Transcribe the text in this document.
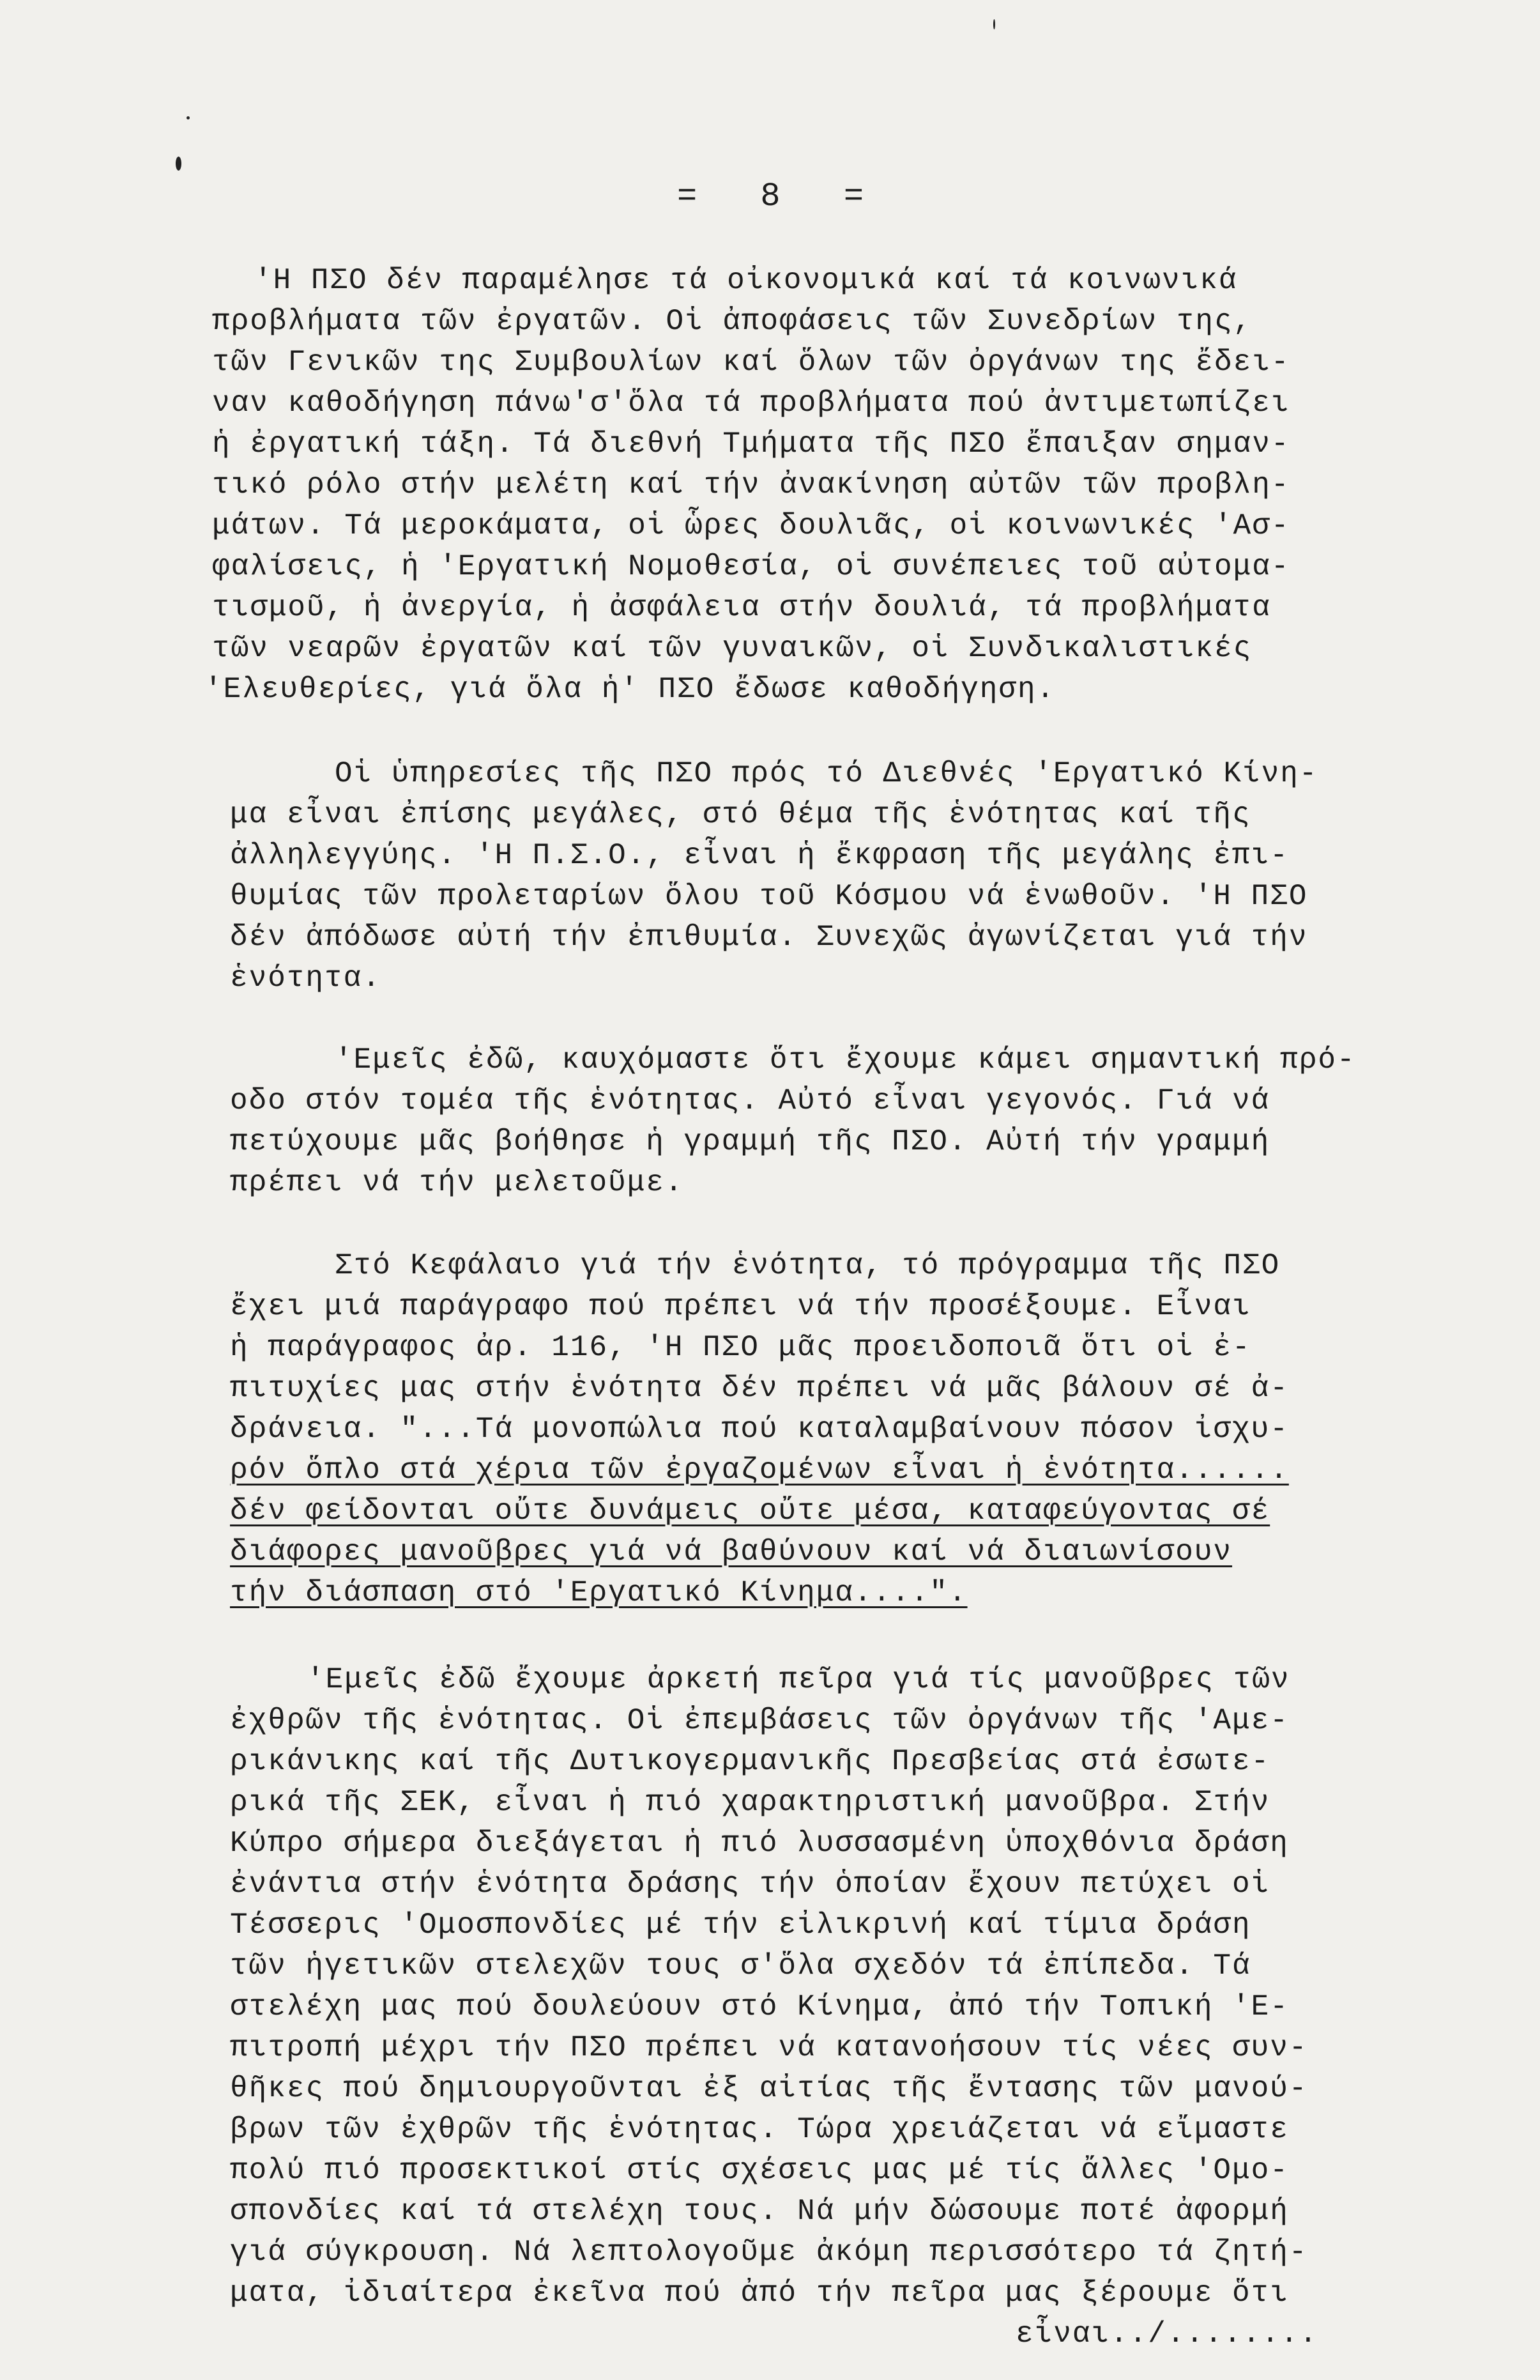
= 8 =
'Η ΠΣΟ δέν παραμέλησε τά οἰκονομικά καί τά κοινωνικά
προβλήματα τῶν ἐργατῶν. Οἱ ἀποφάσεις τῶν Συνεδρίων της,
τῶν Γενικῶν της Συμβουλίων καί ὅλων τῶν ὀργάνων της ἔδει-
ναν καθοδήγηση πάνω'σ'ὅλα τά προβλήματα πού ἀντιμετωπίζει
ἡ ἐργατική τάξη. Τά διεθνή Τμήματα τῆς ΠΣΟ ἔπαιξαν σημαν-
τικό ρόλο στήν μελέτη καί τήν ἀνακίνηση αὐτῶν τῶν προβλη-
μάτων. Τά μεροκάματα, οἱ ὧρες δουλιᾶς, οἱ κοινωνικές 'Ασ-
φαλίσεις, ἡ 'Εργατική Νομοθεσία, οἱ συνέπειες τοῦ αὐτομα-
τισμοῦ, ἡ ἀνεργία, ἡ ἀσφάλεια στήν δουλιά, τά προβλήματα
τῶν νεαρῶν ἐργατῶν καί τῶν γυναικῶν, οἱ Συνδικαλιστικές
'Ελευθερίες, γιά ὅλα ἡ' ΠΣΟ ἔδωσε καθοδήγηση.
Οἱ ὑπηρεσίες τῆς ΠΣΟ πρός τό Διεθνές 'Εργατικό Κίνη-
μα εἶναι ἐπίσης μεγάλες, στό θέμα τῆς ἑνότητας καί τῆς
ἀλληλεγγύης. 'Η Π.Σ.Ο., εἶναι ἡ ἔκφραση τῆς μεγάλης ἐπι-
θυμίας τῶν προλεταρίων ὅλου τοῦ Κόσμου νά ἑνωθοῦν. 'Η ΠΣΟ
δέν ἀπόδωσε αὐτή τήν ἐπιθυμία. Συνεχῶς ἀγωνίζεται γιά τήν
ἑνότητα.
'Εμεῖς ἐδῶ, καυχόμαστε ὅτι ἔχουμε κάμει σημαντική πρό-
οδο στόν τομέα τῆς ἑνότητας. Αὐτό εἶναι γεγονός. Γιά νά
πετύχουμε μᾶς βοήθησε ἡ γραμμή τῆς ΠΣΟ. Αὐτή τήν γραμμή
πρέπει νά τήν μελετοῦμε.
Στό Κεφάλαιο γιά τήν ἑνότητα, τό πρόγραμμα τῆς ΠΣΟ
ἔχει μιά παράγραφο πού πρέπει νά τήν προσέξουμε. Εἶναι
ἡ παράγραφος ἀρ. 116, 'Η ΠΣΟ μᾶς προειδοποιᾶ ὅτι οἱ ἐ-
πιτυχίες μας στήν ἑνότητα δέν πρέπει νά μᾶς βάλουν σέ ἀ-
δράνεια. "...Τά μονοπώλια πού καταλαμβαίνουν πόσον ἰσχυ-
ρόν ὅπλο στά χέρια τῶν ἐργαζομένων εἶναι ἡ ἑνότητα......
δέν φείδονται οὔτε δυνάμεις οὔτε μέσα, καταφεύγοντας σέ
διάφορες μανοῦβρες γιά νά βαθύνουν καί νά διαιωνίσουν
τήν διάσπαση στό 'Εργατικό Κίνημα....".
'Εμεῖς ἐδῶ ἔχουμε ἀρκετή πεῖρα γιά τίς μανοῦβρες τῶν
ἐχθρῶν τῆς ἑνότητας. Οἱ ἐπεμβάσεις τῶν ὀργάνων τῆς 'Αμε-
ρικάνικης καί τῆς Δυτικογερμανικῆς Πρεσβείας στά ἐσωτε-
ρικά τῆς ΣΕΚ, εἶναι ἡ πιό χαρακτηριστική μανοῦβρα. Στήν
Κύπρο σήμερα διεξάγεται ἡ πιό λυσσασμένη ὑποχθόνια δράση
ἐνάντια στήν ἑνότητα δράσης τήν ὁποίαν ἔχουν πετύχει οἱ
Τέσσερις 'Ομοσπονδίες μέ τήν εἰλικρινή καί τίμια δράση
τῶν ἡγετικῶν στελεχῶν τους σ'ὅλα σχεδόν τά ἐπίπεδα. Τά
στελέχη μας πού δουλεύουν στό Κίνημα, ἀπό τήν Τοπική 'Ε-
πιτροπή μέχρι τήν ΠΣΟ πρέπει νά κατανοήσουν τίς νέες συν-
θῆκες πού δημιουργοῦνται ἐξ αἰτίας τῆς ἔντασης τῶν μανού-
βρων τῶν ἐχθρῶν τῆς ἑνότητας. Τώρα χρειάζεται νά εἴμαστε
πολύ πιό προσεκτικοί στίς σχέσεις μας μέ τίς ἄλλες 'Ομο-
σπονδίες καί τά στελέχη τους. Νά μήν δώσουμε ποτέ ἀφορμή
γιά σύγκρουση. Νά λεπτολογοῦμε ἀκόμη περισσότερο τά ζητή-
ματα, ἰδιαίτερα ἐκεῖνα πού ἀπό τήν πεῖρα μας ξέρουμε ὅτι
εἶναι../........
